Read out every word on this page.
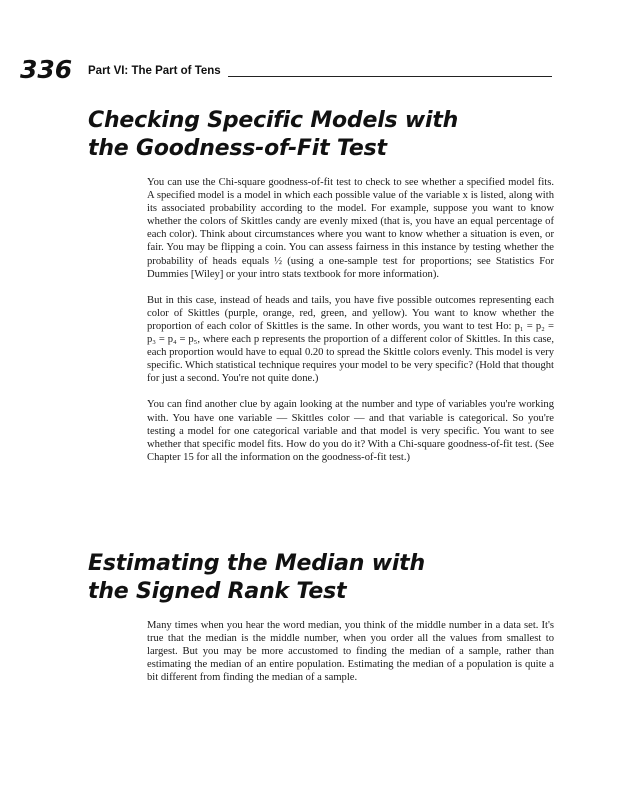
336 Part VI: The Part of Tens
Checking Specific Models with
the Goodness-of-Fit Test

You can use the Chi-square goodness-of-fit test to check to see whether a specified model fits. A specified model is a model in which each possible value of the variable x is listed, along with its associated probability according to the model. For example, suppose you want to know whether the colors of Skittles candy are evenly mixed (that is, you have an equal percentage of each color). Think about circumstances where you want to know whether a situation is even, or fair. You may be flipping a coin. You can assess fairness in this instance by testing whether the probability of heads equals ½ (using a one-sample test for proportions; see Statistics For Dummies [Wiley] or your intro stats textbook for more information).

But in this case, instead of heads and tails, you have five possible outcomes representing each color of Skittles (purple, orange, red, green, and yellow). You want to know whether the proportion of each color of Skittles is the same. In other words, you want to test Ho: p₁ = p₂ = p₃ = p₄ = p₅, where each p represents the proportion of a different color of Skittles. In this case, each proportion would have to equal 0.20 to spread the Skittle colors evenly. This model is very specific. Which statistical technique requires your model to be very specific? (Hold that thought for just a second. You're not quite done.)

You can find another clue by again looking at the number and type of variables you're working with. You have one variable — Skittles color — and that variable is categorical. So you're testing a model for one categorical variable and that model is very specific. You want to see whether that specific model fits. How do you do it? With a Chi-square goodness-of-fit test. (See Chapter 15 for all the information on the goodness-of-fit test.)

Estimating the Median with
the Signed Rank Test

Many times when you hear the word median, you think of the middle number in a data set. It's true that the median is the middle number, when you order all the values from smallest to largest. But you may be more accustomed to finding the median of a sample, rather than estimating the median of an entire population. Estimating the median of a population is quite a bit different from finding the median of a sample.
